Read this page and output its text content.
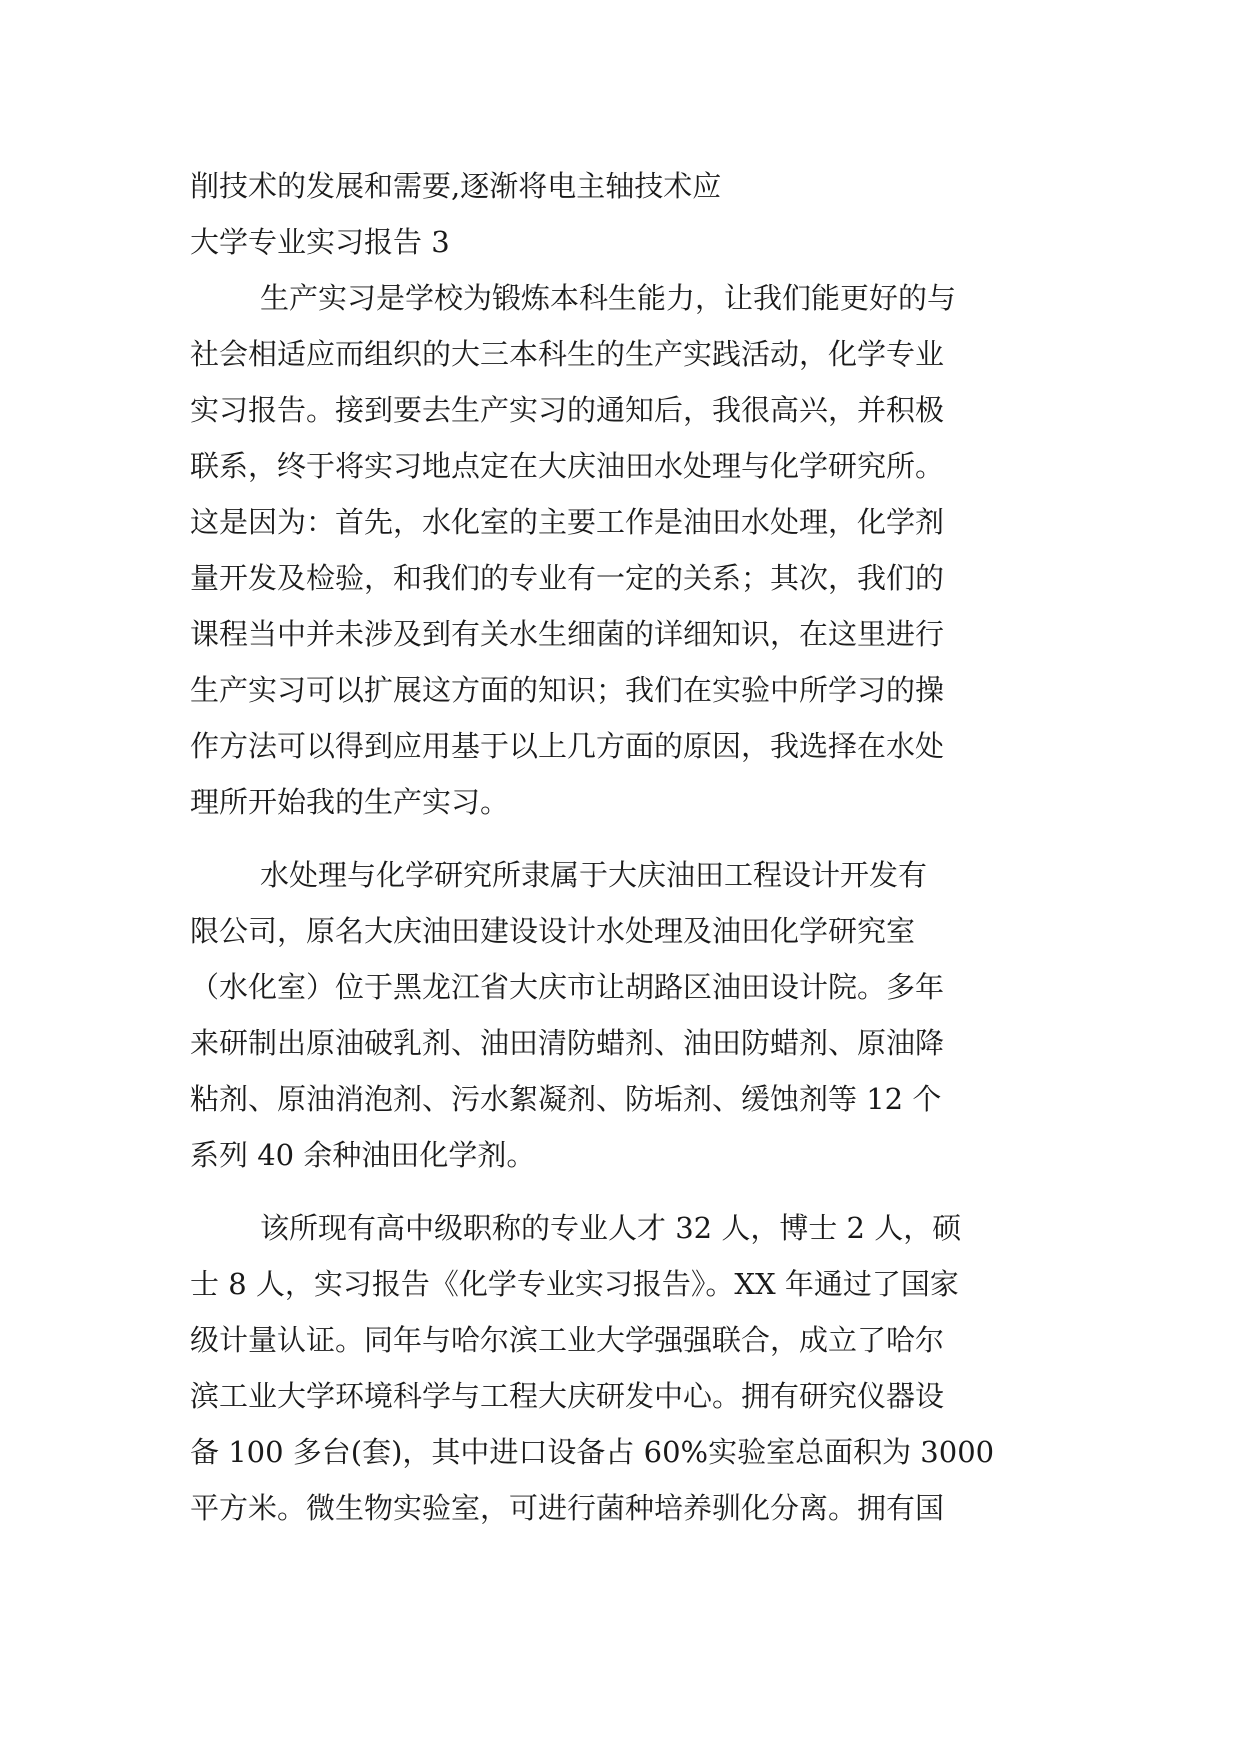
削技术的发展和需要,逐渐将电主轴技术应

大学专业实习报告 3

生产实习是学校为锻炼本科生能力，让我们能更好的与

社会相适应而组织的大三本科生的生产实践活动，化学专业

实习报告。接到要去生产实习的通知后，我很高兴，并积极

联系，终于将实习地点定在大庆油田水处理与化学研究所。

这是因为：首先，水化室的主要工作是油田水处理，化学剂

量开发及检验，和我们的专业有一定的关系；其次，我们的

课程当中并未涉及到有关水生细菌的详细知识，在这里进行

生产实习可以扩展这方面的知识；我们在实验中所学习的操

作方法可以得到应用基于以上几方面的原因，我选择在水处

理所开始我的生产实习。

水处理与化学研究所隶属于大庆油田工程设计开发有

限公司，原名大庆油田建设设计水处理及油田化学研究室

（水化室）位于黑龙江省大庆市让胡路区油田设计院。多年

来研制出原油破乳剂、油田清防蜡剂、油田防蜡剂、原油降

粘剂、原油消泡剂、污水絮凝剂、防垢剂、缓蚀剂等 12 个

系列 40 余种油田化学剂。

该所现有高中级职称的专业人才 32 人，博士 2 人，硕

士 8 人，实习报告《化学专业实习报告》。XX 年通过了国家

级计量认证。同年与哈尔滨工业大学强强联合，成立了哈尔

滨工业大学环境科学与工程大庆研发中心。拥有研究仪器设

备 100 多台(套)，其中进口设备占 60%实验室总面积为 3000

平方米。微生物实验室，可进行菌种培养驯化分离。拥有国
